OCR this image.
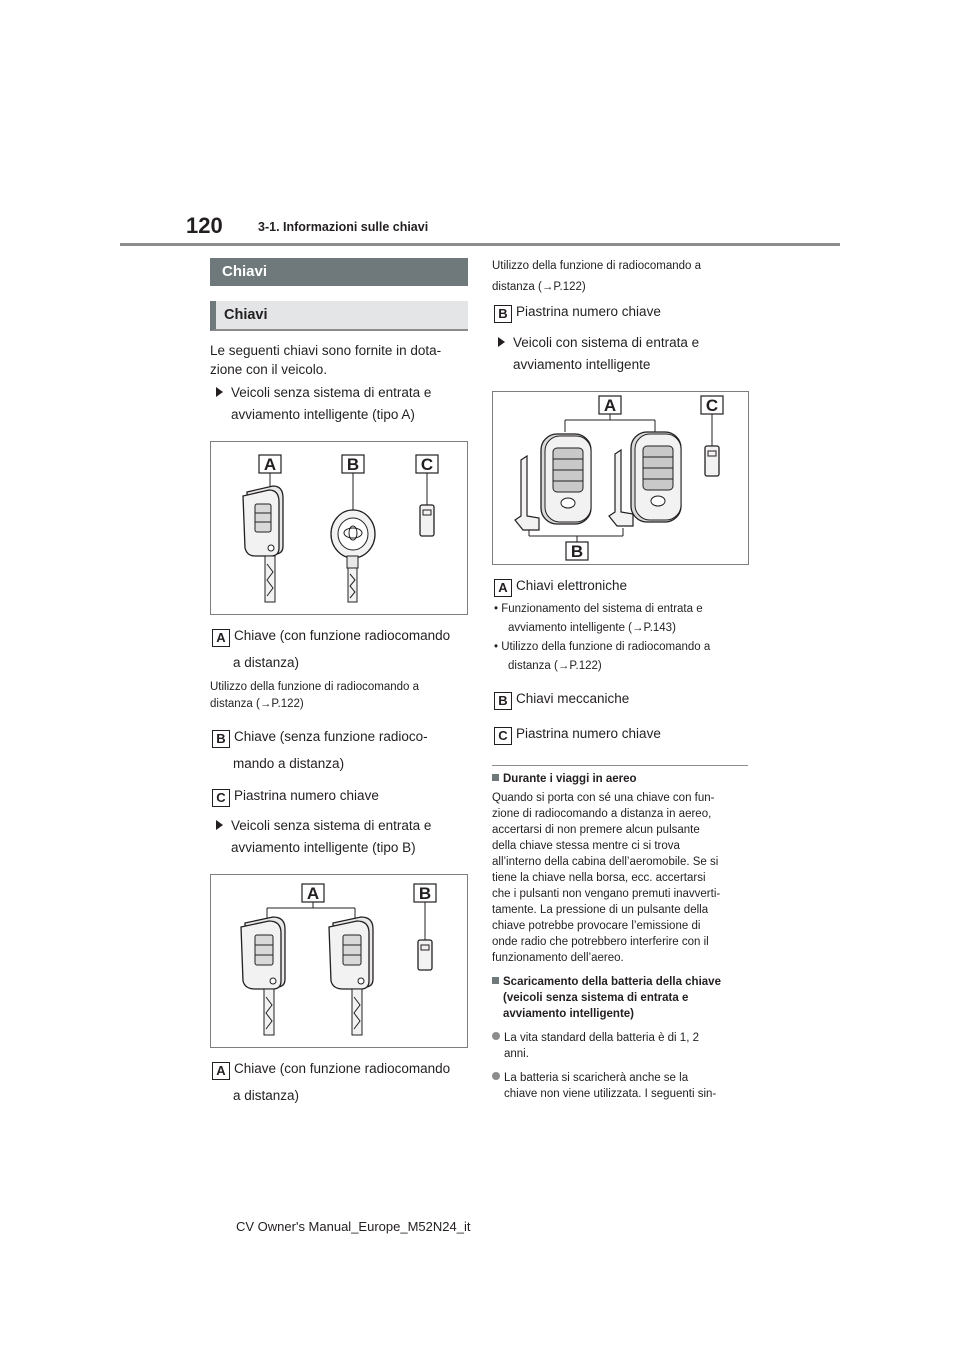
120	3-1. Informazioni sulle chiavi
Chiavi
Chiavi
Le seguenti chiavi sono fornite in dota-
zione con il veicolo.
Veicoli senza sistema di entrata e
avviamento intelligente (tipo A)
A	B	C
A Chiave (con funzione radiocomando
a distanza)
Utilizzo della funzione di radiocomando a
distanza (→P.122)
B Chiave (senza funzione radioco-
mando a distanza)
C Piastrina numero chiave
Veicoli senza sistema di entrata e
avviamento intelligente (tipo B)
A	B
A Chiave (con funzione radiocomando
a distanza)
Utilizzo della funzione di radiocomando a
distanza (→P.122)
B Piastrina numero chiave
Veicoli con sistema di entrata e
avviamento intelligente
A	C
B
A Chiavi elettroniche
• Funzionamento del sistema di entrata e
avviamento intelligente (→P.143)
• Utilizzo della funzione di radiocomando a
distanza (→P.122)
B Chiavi meccaniche
C Piastrina numero chiave
Durante i viaggi in aereo
Quando si porta con sé una chiave con fun-
zione di radiocomando a distanza in aereo,
accertarsi di non premere alcun pulsante
della chiave stessa mentre ci si trova
all’interno della cabina dell’aeromobile. Se si
tiene la chiave nella borsa, ecc. accertarsi
che i pulsanti non vengano premuti inavverti-
tamente. La pressione di un pulsante della
chiave potrebbe provocare l’emissione di
onde radio che potrebbero interferire con il
funzionamento dell’aereo.
Scaricamento della batteria della chiave
(veicoli senza sistema di entrata e
avviamento intelligente)
La vita standard della batteria è di 1, 2
anni.
La batteria si scaricherà anche se la
chiave non viene utilizzata. I seguenti sin-
CV Owner's Manual_Europe_M52N24_it
